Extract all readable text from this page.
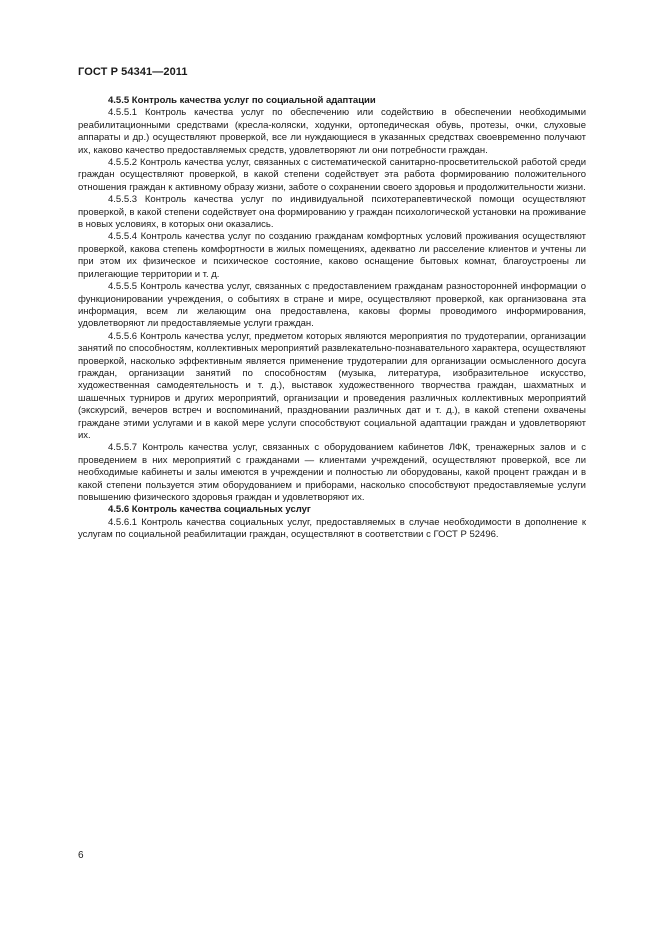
ГОСТ Р 54341—2011

4.5.5 Контроль качества услуг по социальной адаптации

4.5.5.1 Контроль качества услуг по обеспечению или содействию в обеспечении необходимыми реабилитационными средствами (кресла-коляски, ходунки, ортопедическая обувь, протезы, очки, слуховые аппараты и др.) осуществляют проверкой, все ли нуждающиеся в указанных средствах своевременно получают их, каково качество предоставляемых средств, удовлетворяют ли они потребности граждан.

4.5.5.2 Контроль качества услуг, связанных с систематической санитарно-просветительской работой среди граждан осуществляют проверкой, в какой степени содействует эта работа формированию положительного отношения граждан к активному образу жизни, заботе о сохранении своего здоровья и продолжительности жизни.

4.5.5.3 Контроль качества услуг по индивидуальной психотерапевтической помощи осуществляют проверкой, в какой степени содействует она формированию у граждан психологической установки на проживание в новых условиях, в которых они оказались.

4.5.5.4 Контроль качества услуг по созданию гражданам комфортных условий проживания осуществляют проверкой, какова степень комфортности в жилых помещениях, адекватно ли расселение клиентов и учтены ли при этом их физическое и психическое состояние, каково оснащение бытовых комнат, благоустроены ли прилегающие территории и т. д.

4.5.5.5 Контроль качества услуг, связанных с предоставлением гражданам разносторонней информации о функционировании учреждения, о событиях в стране и мире, осуществляют проверкой, как организована эта информация, всем ли желающим она предоставлена, каковы формы проводимого информирования, удовлетворяют ли предоставляемые услуги граждан.

4.5.5.6 Контроль качества услуг, предметом которых являются мероприятия по трудотерапии, организации занятий по способностям, коллективных мероприятий развлекательно-познавательного характера, осуществляют проверкой, насколько эффективным является применение трудотерапии для организации осмысленного досуга граждан, организации занятий по способностям (музыка, литература, изобразительное искусство, художественная самодеятельность и т. д.), выставок художественного творчества граждан, шахматных и шашечных турниров и других мероприятий, организации и проведения различных коллективных мероприятий (экскурсий, вечеров встреч и воспоминаний, праздновании различных дат и т. д.), в какой степени охвачены граждане этими услугами и в какой мере услуги способствуют социальной адаптации граждан и удовлетворяют их.

4.5.5.7 Контроль качества услуг, связанных с оборудованием кабинетов ЛФК, тренажерных залов и с проведением в них мероприятий с гражданами — клиентами учреждений, осуществляют проверкой, все ли необходимые кабинеты и залы имеются в учреждении и полностью ли оборудованы, какой процент граждан и в какой степени пользуется этим оборудованием и приборами, насколько способствуют предоставляемые услуги повышению физического здоровья граждан и удовлетворяют их.

4.5.6 Контроль качества социальных услуг

4.5.6.1 Контроль качества социальных услуг, предоставляемых в случае необходимости в дополнение к услугам по социальной реабилитации граждан, осуществляют в соответствии с ГОСТ Р 52496.

6
